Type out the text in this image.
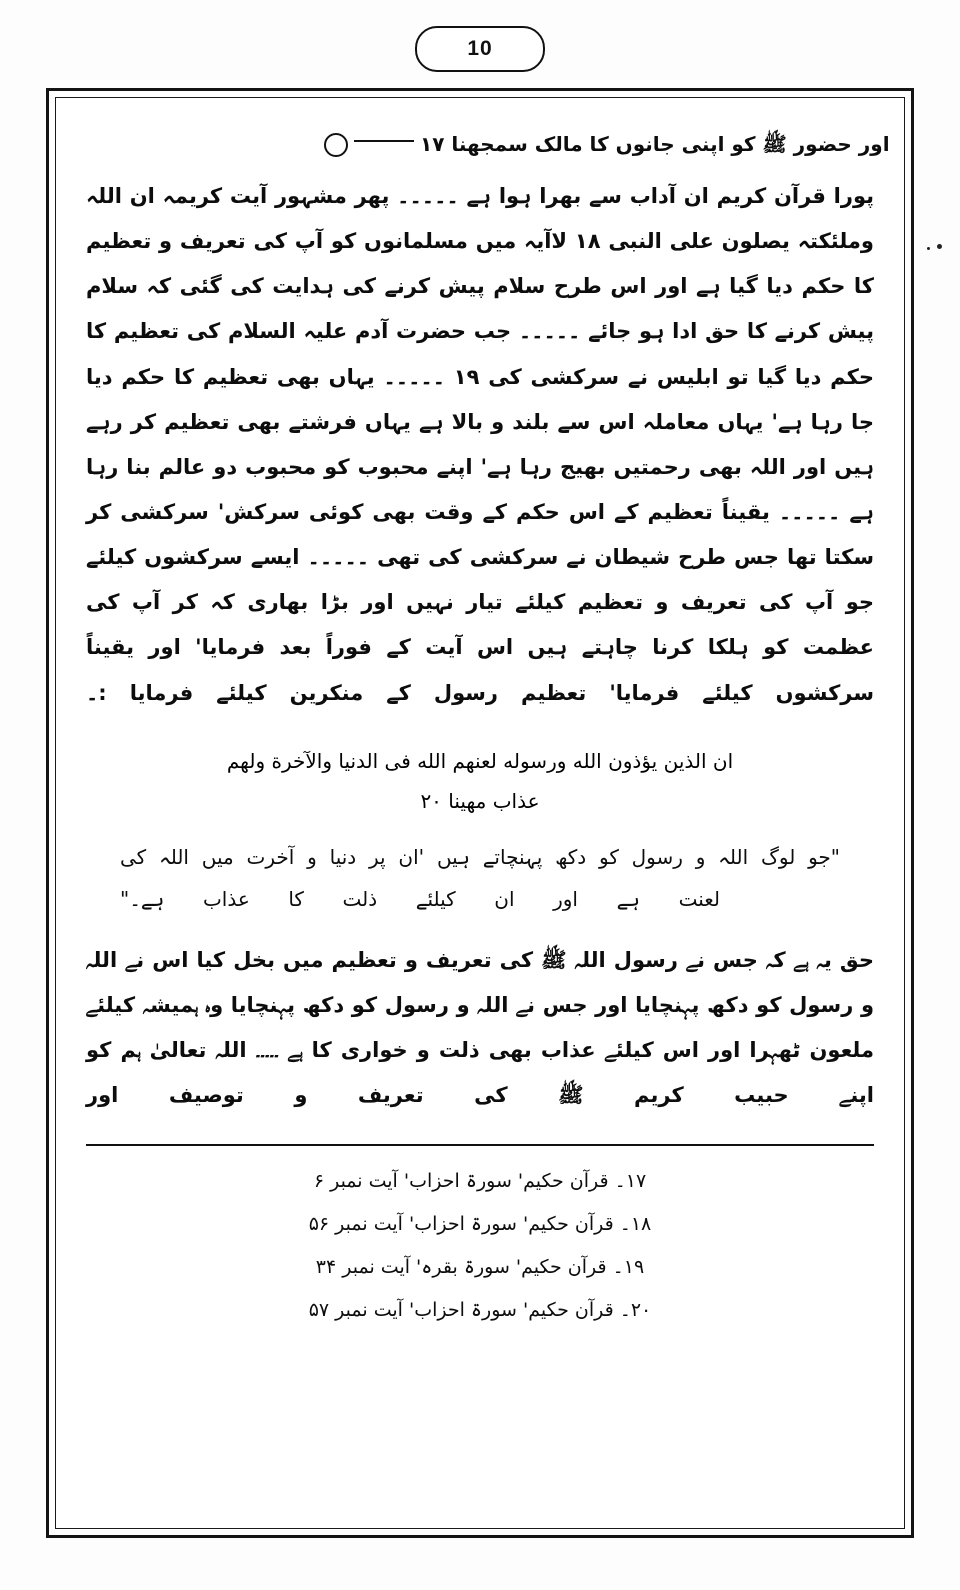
10
اور حضور ﷺ کو اپنی جانوں کا مالک سمجھنا ۱۷

پورا قرآن کریم ان آداب سے بھرا ہوا ہے ۔۔۔۔۔ پھر مشہور آیت کریمہ ان اللہ وملئکتہ یصلون علی النبی ۱۸ لاآیہ میں مسلمانوں کو آپ کی تعریف و تعظیم کا حکم دیا گیا ہے اور اس طرح سلام پیش کرنے کی ہدایت کی گئی کہ سلام پیش کرنے کا حق ادا ہو جائے ۔۔۔۔۔ جب حضرت آدم علیہ السلام کی تعظیم کا حکم دیا گیا تو ابلیس نے سرکشی کی ۱۹ ۔۔۔۔۔ یہاں بھی تعظیم کا حکم دیا جا رہا ہے' یہاں معاملہ اس سے بلند و بالا ہے یہاں فرشتے بھی تعظیم کر رہے ہیں اور اللہ بھی رحمتیں بھیج رہا ہے' اپنے محبوب کو محبوب دو عالم بنا رہا ہے ۔۔۔۔۔ یقیناً تعظیم کے اس حکم کے وقت بھی کوئی سرکش' سرکشی کر سکتا تھا جس طرح شیطان نے سرکشی کی تھی ۔۔۔۔۔ ایسے سرکشوں کیلئے جو آپ کی تعریف و تعظیم کیلئے تیار نہیں اور بڑا بھاری کہ کر آپ کی عظمت کو ہلکا کرنا چاہتے ہیں اس آیت کے فوراً بعد فرمایا' اور یقیناً سرکشوں کیلئے فرمایا' تعظیم رسول کے منکرین کیلئے فرمایا :۔

ان الذين يؤذون الله ورسوله لعنهم الله فى الدنيا والآخرة ولهم
عذاب مهينا ۲۰
"جو لوگ اللہ و رسول کو دکھ پہنچاتے ہیں 'ان پر دنیا و آخرت میں اللہ کی
لعنت ہے اور ان کیلئے ذلت کا عذاب ہے۔"

حق یہ ہے کہ جس نے رسول اللہ ﷺ کی تعریف و تعظیم میں بخل کیا اس نے اللہ و رسول کو دکھ پہنچایا اور جس نے اللہ و رسول کو دکھ پہنچایا وہ ہمیشہ کیلئے ملعون ٹھہرا اور اس کیلئے عذاب بھی ذلت و خواری کا ہے ۔۔۔۔۔ اللہ تعالیٰ ہم کو اپنے حبیب کریم ﷺ کی تعریف و توصیف اور

۱۷۔ قرآن حکیم' سورۃ احزاب' آیت نمبر ۶
۱۸۔ قرآن حکیم' سورۃ احزاب' آیت نمبر ۵۶
۱۹۔ قرآن حکیم' سورۃ بقرہ' آیت نمبر ۳۴
۲۰۔ قرآن حکیم' سورۃ احزاب' آیت نمبر ۵۷
